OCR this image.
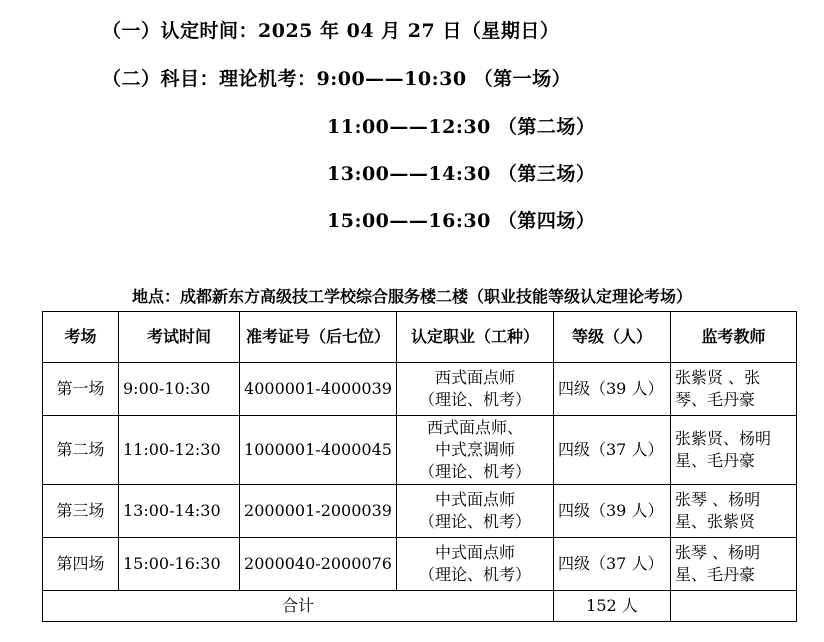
（一）认定时间：2025 年 04 月 27 日（星期日）
（二）科目：理论机考：9:00——10:30 （第一场）
11:00——12:30 （第二场）
13:00——14:30 （第三场）
15:00——16:30 （第四场）
地点：成都新东方高级技工学校综合服务楼二楼（职业技能等级认定理论考场）
考场	考试时间	准考证号（后七位）	认定职业（工种）	等级（人）	监考教师
第一场	9:00-10:30	4000001-4000039	西式面点师
（理论、机考）	四级（39 人）	张紫贤 、张琴、毛丹豪
第二场	11:00-12:30	1000001-4000045	西式面点师、
中式烹调师
（理论、机考）	四级（37 人）	张紫贤、杨明星、毛丹豪
第三场	13:00-14:30	2000001-2000039	中式面点师
（理论、机考）	四级（39 人）	张琴 、杨明星、张紫贤
第四场	15:00-16:30	2000040-2000076	中式面点师
（理论、机考）	四级（37 人）	张琴 、杨明星、毛丹豪
合计				152 人	
